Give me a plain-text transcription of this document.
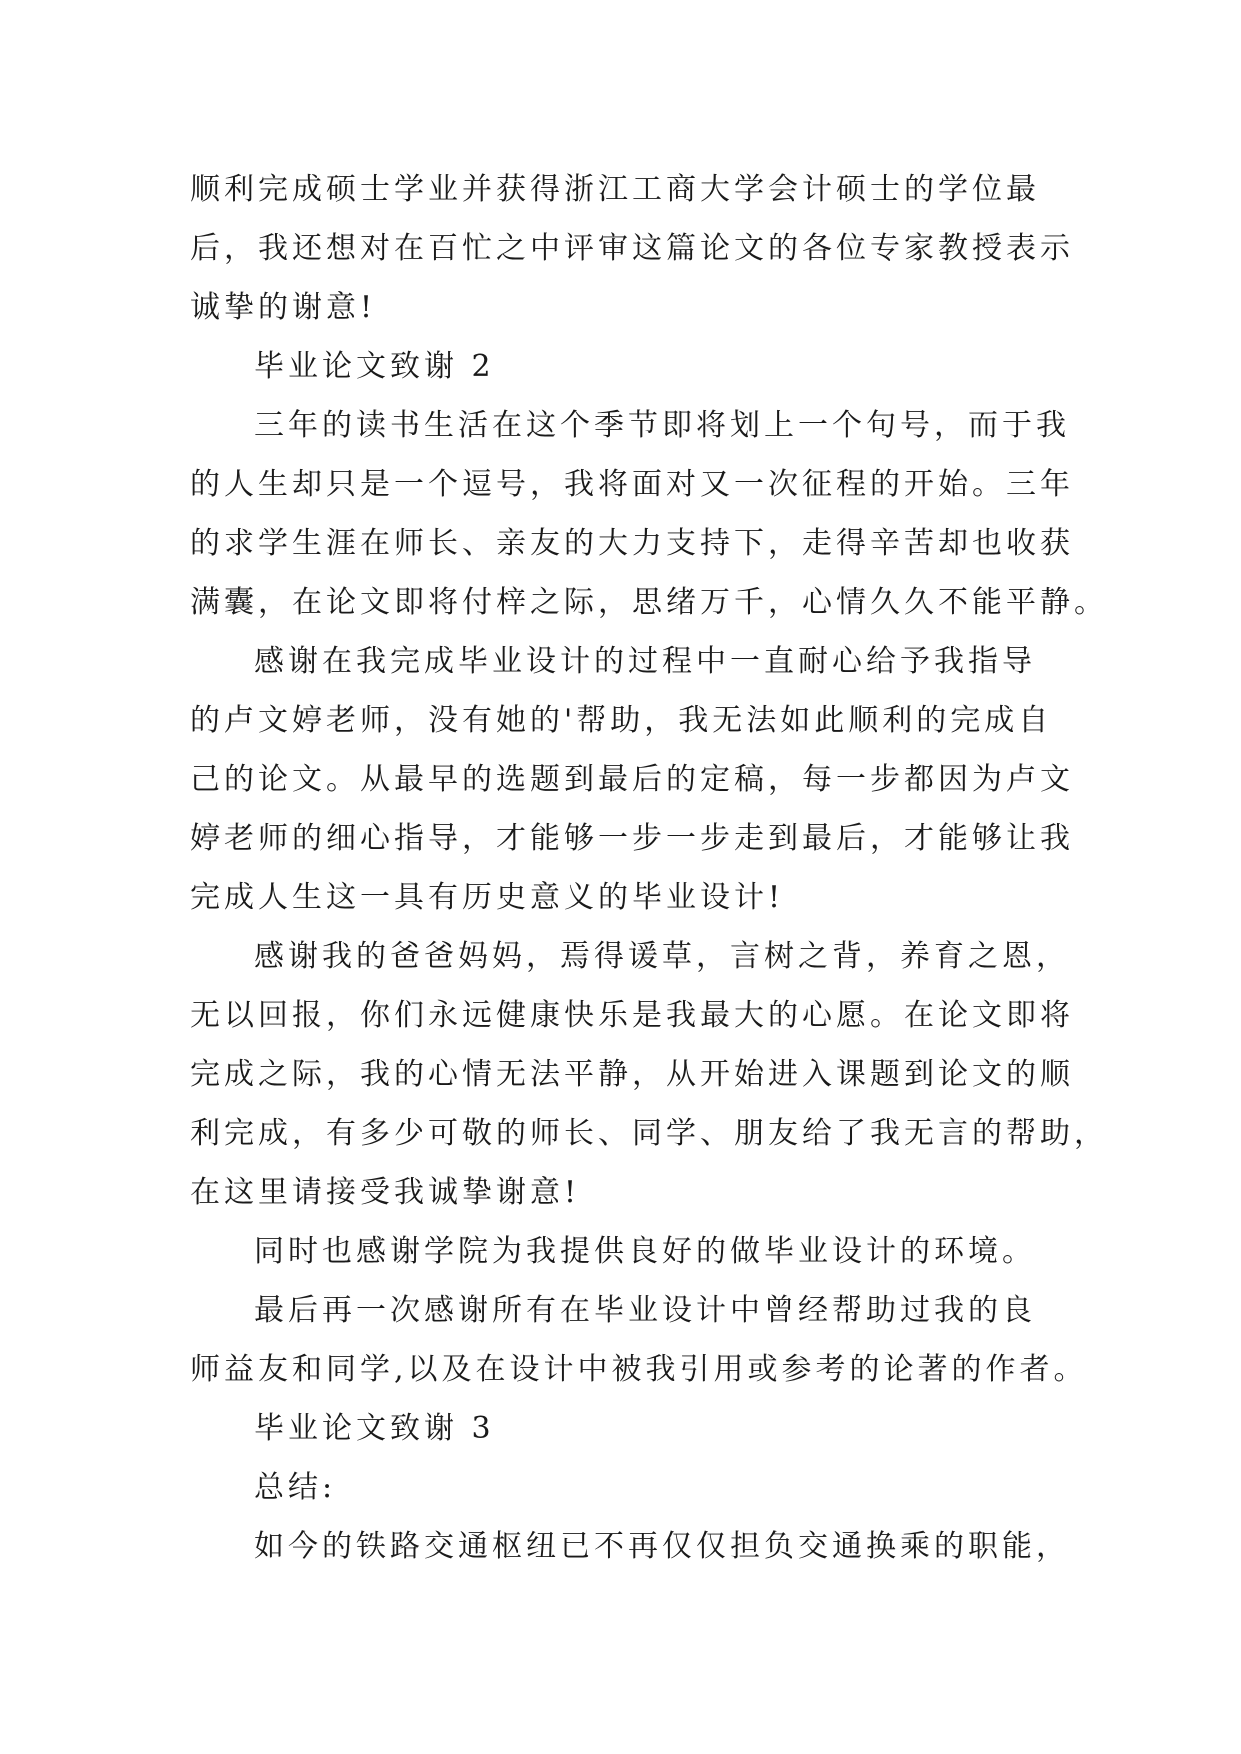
顺利完成硕士学业并获得浙江工商大学会计硕士的学位最
后，我还想对在百忙之中评审这篇论文的各位专家教授表示
诚挚的谢意!
毕业论文致谢 2
三年的读书生活在这个季节即将划上一个句号，而于我
的人生却只是一个逗号，我将面对又一次征程的开始。三年
的求学生涯在师长、亲友的大力支持下，走得辛苦却也收获
满囊，在论文即将付梓之际，思绪万千，心情久久不能平静。
感谢在我完成毕业设计的过程中一直耐心给予我指导
的卢文婷老师，没有她的'帮助，我无法如此顺利的完成自
己的论文。从最早的选题到最后的定稿，每一步都因为卢文
婷老师的细心指导，才能够一步一步走到最后，才能够让我
完成人生这一具有历史意义的毕业设计!
感谢我的爸爸妈妈，焉得谖草，言树之背，养育之恩，
无以回报，你们永远健康快乐是我最大的心愿。在论文即将
完成之际，我的心情无法平静，从开始进入课题到论文的顺
利完成，有多少可敬的师长、同学、朋友给了我无言的帮助，
在这里请接受我诚挚谢意!
同时也感谢学院为我提供良好的做毕业设计的环境。
最后再一次感谢所有在毕业设计中曾经帮助过我的良
师益友和同学,以及在设计中被我引用或参考的论著的作者。
毕业论文致谢 3
总结:
如今的铁路交通枢纽已不再仅仅担负交通换乘的职能，
